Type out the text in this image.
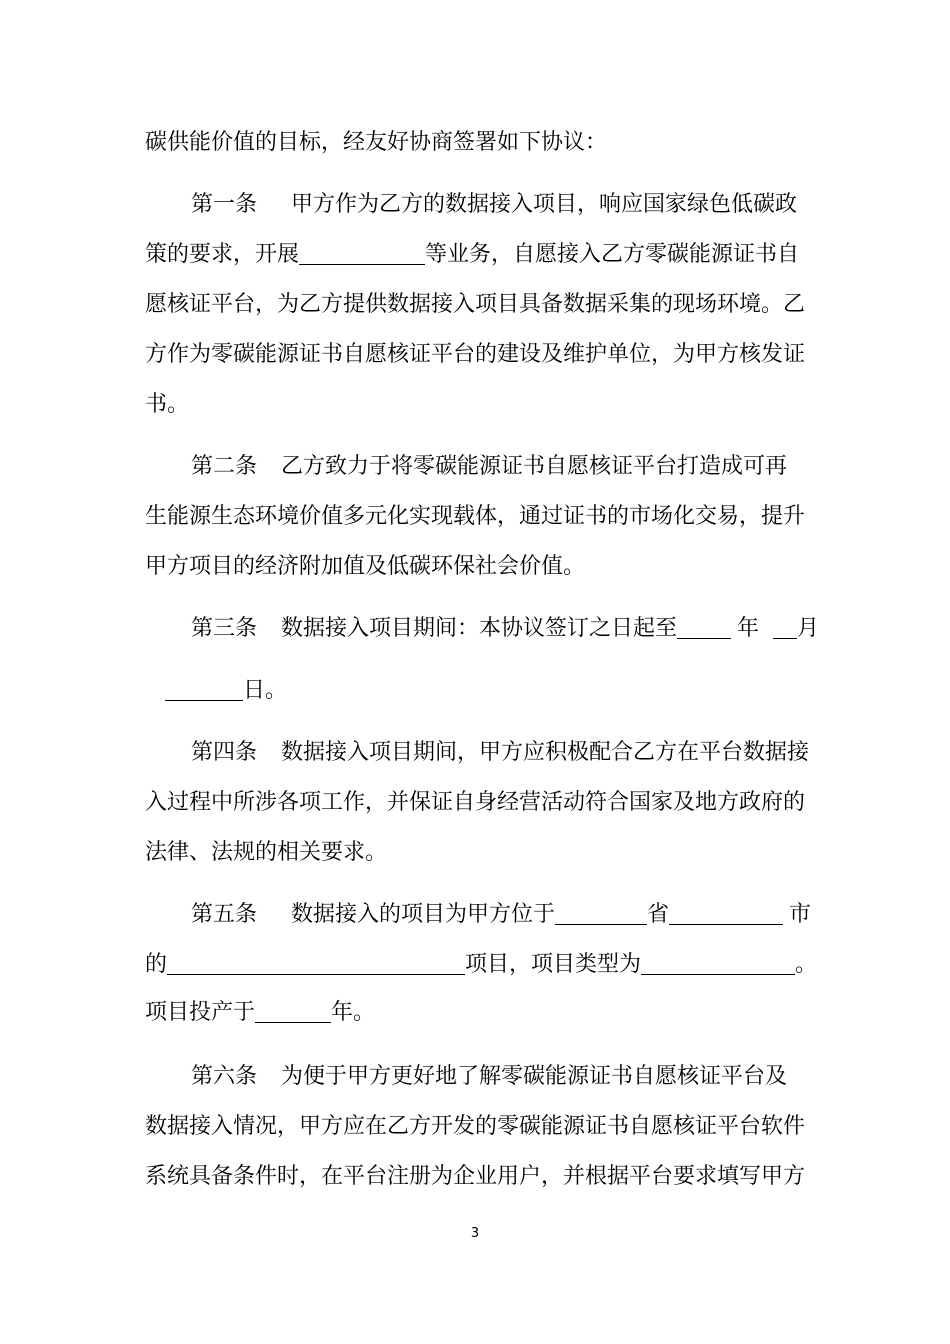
碳供能价值的目标，经友好协商签署如下协议：
第一条 甲方作为乙方的数据接入项目，响应国家绿色低碳政
策的要求，开展	等业务，自愿接入乙方零碳能源证书自
愿核证平台，为乙方提供数据接入项目具备数据采集的现场环境。乙
方作为零碳能源证书自愿核证平台的建设及维护单位，为甲方核发证
书。
第二条 乙方致力于将零碳能源证书自愿核证平台打造成可再
生能源生态环境价值多元化实现载体，通过证书的市场化交易，提升
甲方项目的经济附加值及低碳环保社会价值。
第三条 数据接入项目期间：本协议签订之日起至	年 月
日。
第四条 数据接入项目期间，甲方应积极配合乙方在平台数据接
入过程中所涉各项工作，并保证自身经营活动符合国家及地方政府的
法律、法规的相关要求。
第五条 数据接入的项目为甲方位于	省	市
的	项目，项目类型为	。
项目投产于	年。
第六条 为便于甲方更好地了解零碳能源证书自愿核证平台及
数据接入情况，甲方应在乙方开发的零碳能源证书自愿核证平台软件
系统具备条件时，在平台注册为企业用户，并根据平台要求填写甲方
3
